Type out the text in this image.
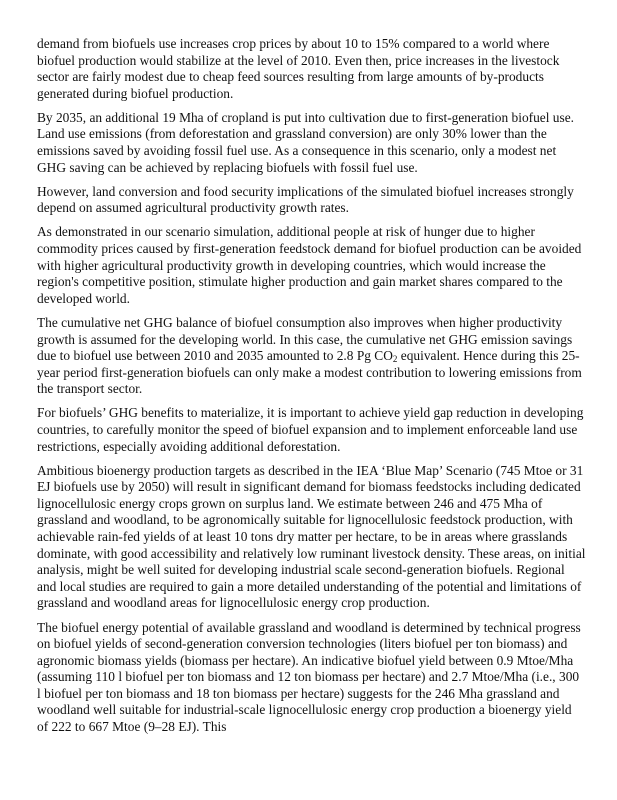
demand from biofuels use increases crop prices by about 10 to 15% compared to a world where biofuel production would stabilize at the level of 2010. Even then, price increases in the livestock sector are fairly modest due to cheap feed sources resulting from large amounts of by-products generated during biofuel production.

By 2035, an additional 19 Mha of cropland is put into cultivation due to first-generation biofuel use. Land use emissions (from deforestation and grassland conversion) are only 30% lower than the emissions saved by avoiding fossil fuel use. As a consequence in this scenario, only a modest net GHG saving can be achieved by replacing biofuels with fossil fuel use.

However, land conversion and food security implications of the simulated biofuel increases strongly depend on assumed agricultural productivity growth rates.

As demonstrated in our scenario simulation, additional people at risk of hunger due to higher commodity prices caused by first-generation feedstock demand for biofuel production can be avoided with higher agricultural productivity growth in developing countries, which would increase the region's competitive position, stimulate higher production and gain market shares compared to the developed world.

The cumulative net GHG balance of biofuel consumption also improves when higher productivity growth is assumed for the developing world. In this case, the cumulative net GHG emission savings due to biofuel use between 2010 and 2035 amounted to 2.8 Pg $CO_2$ equivalent. Hence during this 25-year period first-generation biofuels can only make a modest contribution to lowering emissions from the transport sector.

For biofuels’ GHG benefits to materialize, it is important to achieve yield gap reduction in developing countries, to carefully monitor the speed of biofuel expansion and to implement enforceable land use restrictions, especially avoiding additional deforestation.

Ambitious bioenergy production targets as described in the IEA ‘Blue Map’ Scenario (745 Mtoe or 31 EJ biofuels use by 2050) will result in significant demand for biomass feedstocks including dedicated lignocellulosic energy crops grown on surplus land. We estimate between 246 and 475 Mha of grassland and woodland, to be agronomically suitable for lignocellulosic feedstock production, with achievable rain-fed yields of at least 10 tons dry matter per hectare, to be in areas where grasslands dominate, with good accessibility and relatively low ruminant livestock density. These areas, on initial analysis, might be well suited for developing industrial scale second-generation biofuels. Regional and local studies are required to gain a more detailed understanding of the potential and limitations of grassland and woodland areas for lignocellulosic energy crop production.

The biofuel energy potential of available grassland and woodland is determined by technical progress on biofuel yields of second-generation conversion technologies (liters biofuel per ton biomass) and agronomic biomass yields (biomass per hectare). An indicative biofuel yield between 0.9 Mtoe/Mha (assuming 110 l biofuel per ton biomass and 12 ton biomass per hectare) and 2.7 Mtoe/Mha (i.e., 300 l biofuel per ton biomass and 18 ton biomass per hectare) suggests for the 246 Mha grassland and woodland well suitable for industrial-scale lignocellulosic energy crop production a bioenergy yield of 222 to 667 Mtoe (9–28 EJ). This
